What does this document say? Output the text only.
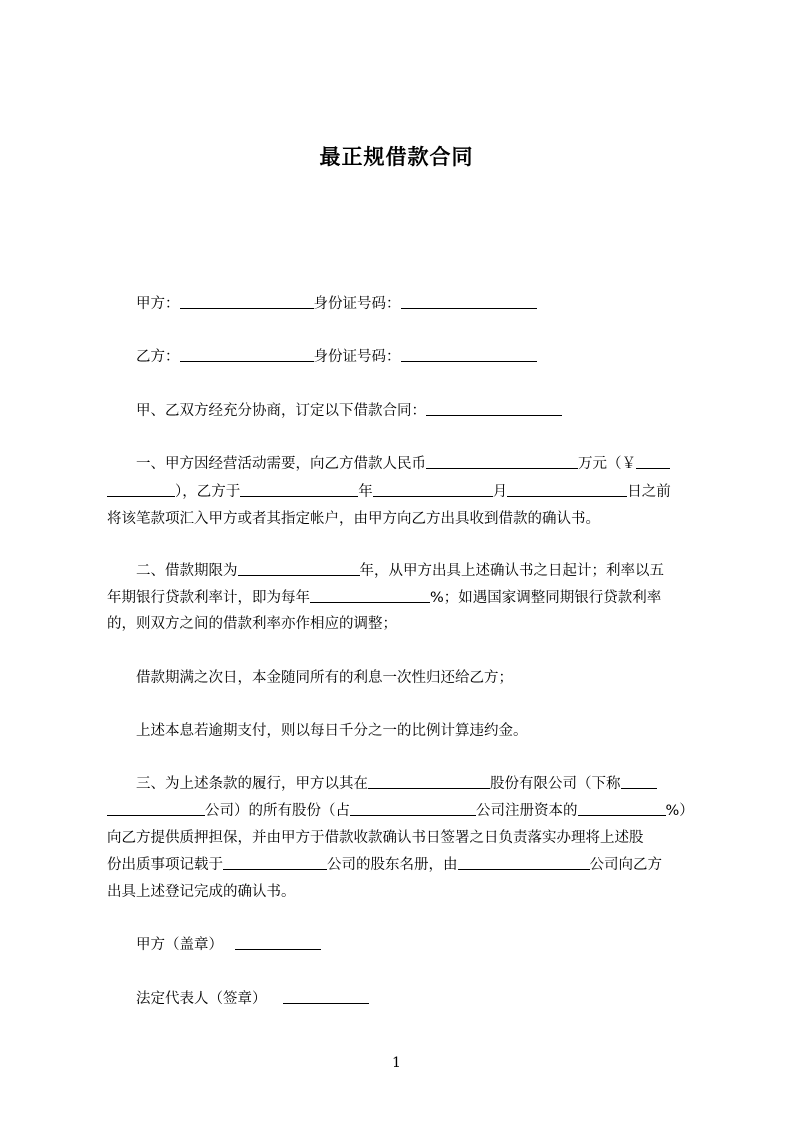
最正规借款合同
甲方：	身份证号码：
乙方：	身份证号码：
甲、乙双方经充分协商，订定以下借款合同：
一、甲方因经营活动需要，向乙方借款人民币	万元（￥
），乙方于	年	月	日之前
将该笔款项汇入甲方或者其指定帐户，由甲方向乙方出具收到借款的确认书。
二、借款期限为	年，从甲方出具上述确认书之日起计；利率以五
年期银行贷款利率计，即为每年	%；如遇国家调整同期银行贷款利率
的，则双方之间的借款利率亦作相应的调整；
借款期满之次日，本金随同所有的利息一次性归还给乙方；
上述本息若逾期支付，则以每日千分之一的比例计算违约金。
三、为上述条款的履行，甲方以其在	股份有限公司（下称
公司）的所有股份（占	公司注册资本的	%）
向乙方提供质押担保，并由甲方于借款收款确认书日签署之日负责落实办理将上述股
份出质事项记载于	公司的股东名册，由	公司向乙方
出具上述登记完成的确认书。
甲方（盖章）
法定代表人（签章）
1
